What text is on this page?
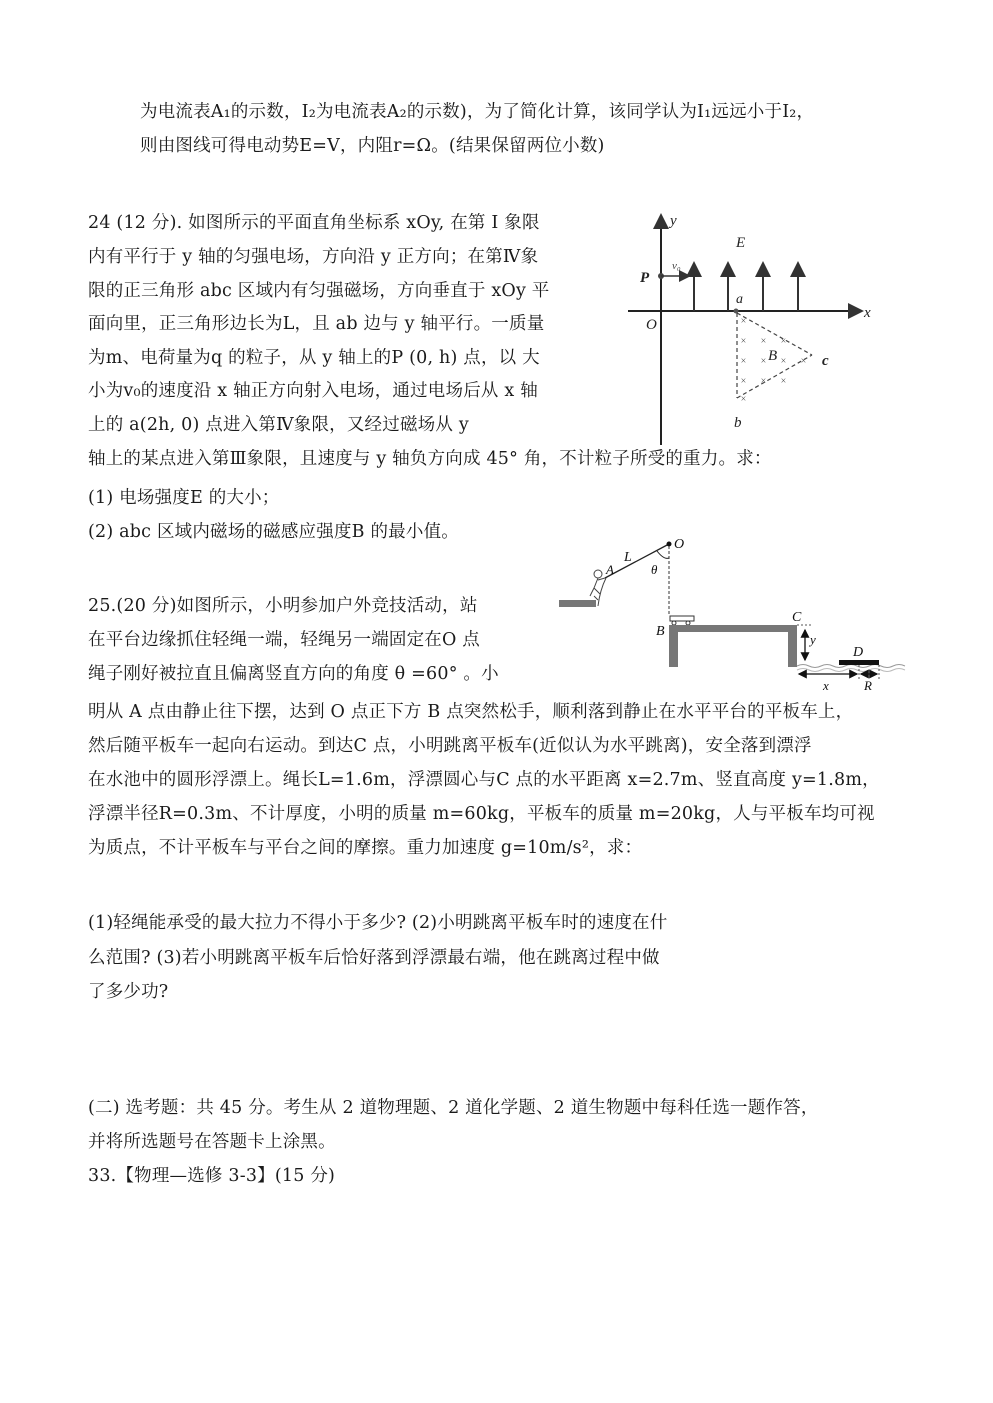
为电流表A₁的示数，I₂为电流表A₂的示数)，为了简化计算，该同学认为I₁远远小于I₂，
则由图线可得电动势E=V，内阻r=Ω。(结果保留两位小数)
24 (12 分). 如图所示的平面直角坐标系 xOy, 在第 I 象限
内有平行于 y 轴的匀强电场，方向沿 y 正方向；在第Ⅳ象
限的正三角形 abc 区域内有匀强磁场，方向垂直于 xOy 平
面向里，正三角形边长为L，且 ab 边与 y 轴平行。一质量
为m、电荷量为q 的粒子，从 y 轴上的P (0, h) 点，以 大
小为v₀的速度沿 x 轴正方向射入电场，通过电场后从 x 轴
上的 a(2h, 0) 点进入第Ⅳ象限，又经过磁场从 y
轴上的某点进入第Ⅲ象限，且速度与 y 轴负方向成 45° 角，不计粒子所受的重力。求：
(1) 电场强度E 的大小；
(2) abc 区域内磁场的磁感应强度B 的最小值。
y
x
O
E
P
v₀
a
×
× × ×
× × × ×
× × ×
×
B	c
b
25.(20 分)如图所示，小明参加户外竞技活动，站
在平台边缘抓住轻绳一端，轻绳另一端固定在O 点
绳子刚好被拉直且偏离竖直方向的角度 θ =60° 。小
明从 A 点由静止往下摆，达到 O 点正下方 B 点突然松手，顺利落到静止在水平平台的平板车上，
然后随平板车一起向右运动。到达C 点，小明跳离平板车(近似认为水平跳离)，安全落到漂浮
在水池中的圆形浮漂上。绳长L=1.6m，浮漂圆心与C 点的水平距离 x=2.7m、竖直高度 y=1.8m，
浮漂半径R=0.3m、不计厚度，小明的质量 m=60kg，平板车的质量 m=20kg，人与平板车均可视
为质点，不计平板车与平台之间的摩擦。重力加速度 g=10m/s²，求：
(1)轻绳能承受的最大拉力不得小于多少? (2)小明跳离平板车时的速度在什
么范围? (3)若小明跳离平板车后恰好落到浮漂最右端，他在跳离过程中做
了多少功?
O
L
θ
A
B
C
y
D
x	R
(二) 选考题：共 45 分。考生从 2 道物理题、2 道化学题、2 道生物题中每科任选一题作答，
并将所选题号在答题卡上涂黑。
33.【物理—选修 3-3】(15 分)
